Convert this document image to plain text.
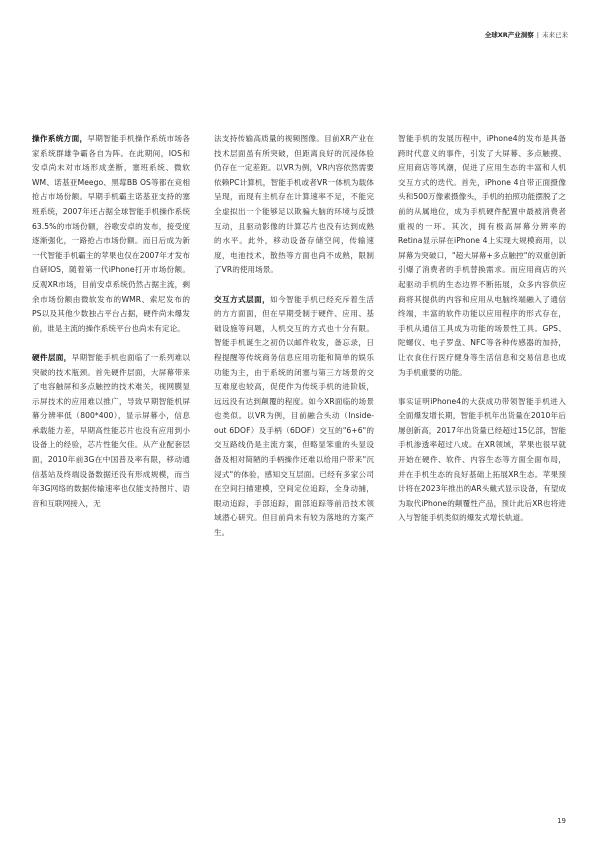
全球XR产业洞察 | 未来已来

操作系统方面，早期智能手机操作系统市场各家系统群雄争霸各自为阵。在此期间，IOS和安卓尚未对市场形成垄断，塞班系统、微软WM、诺基亚Meego、黑莓BB OS等都在竞相抢占市场份额。早期手机霸主诺基亚支持的塞班系统，2007年还占据全球智能手机操作系统63.5%的市场份额，谷歌安卓的发布，接受度逐渐强化，一路抢占市场份额。而日后成为新一代智能手机霸主的苹果也仅在2007年才发布自研IOS，随着第一代iPhone打开市场份额。反观XR市场，目前安卓系统仍然占据主流，剩余市场份额由微软发布的WMR、索尼发布的PS以及其他少数独占平台占据，硬件尚未爆发前，谁是主流的操作系统平台也尚未有定论。

硬件层面，早期智能手机也面临了一系列难以突破的技术瓶颈。首先硬件层面，大屏幕带来了电容触屏和多点触控的技术难关，视网膜显示屏技术的应用难以推广，导致早期智能机屏幕分辨率低（800*400），显示屏幕小，信息承载能力差，早期高性能芯片也没有应用到小设备上的经验，芯片性能欠佳。从产业配套层面，2010年前3G在中国普及率有限，移动通信基站及终端设备数据还没有形成规模，而当年3G网络的数据传输速率也仅能支持图片、语音和互联网接入，无

法支持传输高质量的视频图像。目前XR产业在技术层面虽有所突破，但距离良好的沉浸体验仍存在一定差距。以VR为例，VR内容依然需要依赖PC计算机，智能手机或者VR一体机为载体呈现，而现有主机存在计算速率不足，不能完全虚拟出一个能够足以欺骗大脑的环境与反馈互动，且驱动影像的计算芯片也没有达到成熟的水平。此外，移动设备存储空间，传输速度，电池技术，散热等方面也尚不成熟，限制了VR的使用场景。

交互方式层面，如今智能手机已经充斥着生活的方方面面，但在早期受制于硬件、应用、基础设施等问题，人机交互的方式也十分有限。智能手机诞生之初仍以邮件收发，备忘录，日程提醒等传统商务信息应用功能和简单的娱乐功能为主，由于系统的闭塞与第三方场景的交互难度也较高，促使作为传统手机的进阶版，远远没有达到颠覆的程度。如今XR面临的场景也类似。以VR为例，目前融合头动（Inside-out 6DOF）及手柄（6DOF）交互的"6+6"的交互路线仍是主流方案，但略显笨重的头显设备及相对简陋的手柄操作还难以给用户带来"沉浸式"的体验，感知交互层面。已经有多家公司在空间扫描建模，空间定位追踪，全身动捕，眼动追踪，手部追踪，面部追踪等前沿技术领域潜心研究。但目前尚未有较为落地的方案产生。

智能手机的发展历程中，iPhone4的发布是具备跨时代意义的事件，引发了大屏幕、多点触摸、应用商店等风潮，促进了应用生态的丰富和人机交互方式的迭代。首先，iPhone 4自带正面摄像头和500万像素摄像头，手机的拍照功能摆脱了之前的从属地位，成为手机硬件配置中最被消费者重视的一环。其次，拥有极高屏幕分辨率的Retina显示屏在iPhone 4上实现大规模商用，以屏幕为突破口，"超大屏幕+多点触控"的双重创新引爆了消费者的手机替换需求。而应用商店的兴起驱动手机的生态边界不断拓展，众多内容供应商将其提供的内容和应用从电脑终端融入了通信终端，丰富的软件功能以应用程序的形式存在，手机从通信工具成为功能的场景性工具。GPS、陀螺仪、电子罗盘、NFC等各种传感器的加持，让衣食住行医疗健身等生活信息和交易信息也成为手机重要的功能。

事实证明iPhone4的大获成功带领智能手机进入全面爆发增长期，智能手机年出货量在2010年后屡创新高，2017年出货量已经超过15亿部，智能手机渗透率超过八成。在XR领域，苹果也很早就开始在硬件、软件、内容生态等方面全面布局，并在手机生态的良好基础上拓展XR生态。苹果预计将在2023年推出的AR头戴式显示设备，有望成为取代iPhone的颠覆性产品，预计此后XR也将进入与智能手机类似的爆发式增长轨道。

19
